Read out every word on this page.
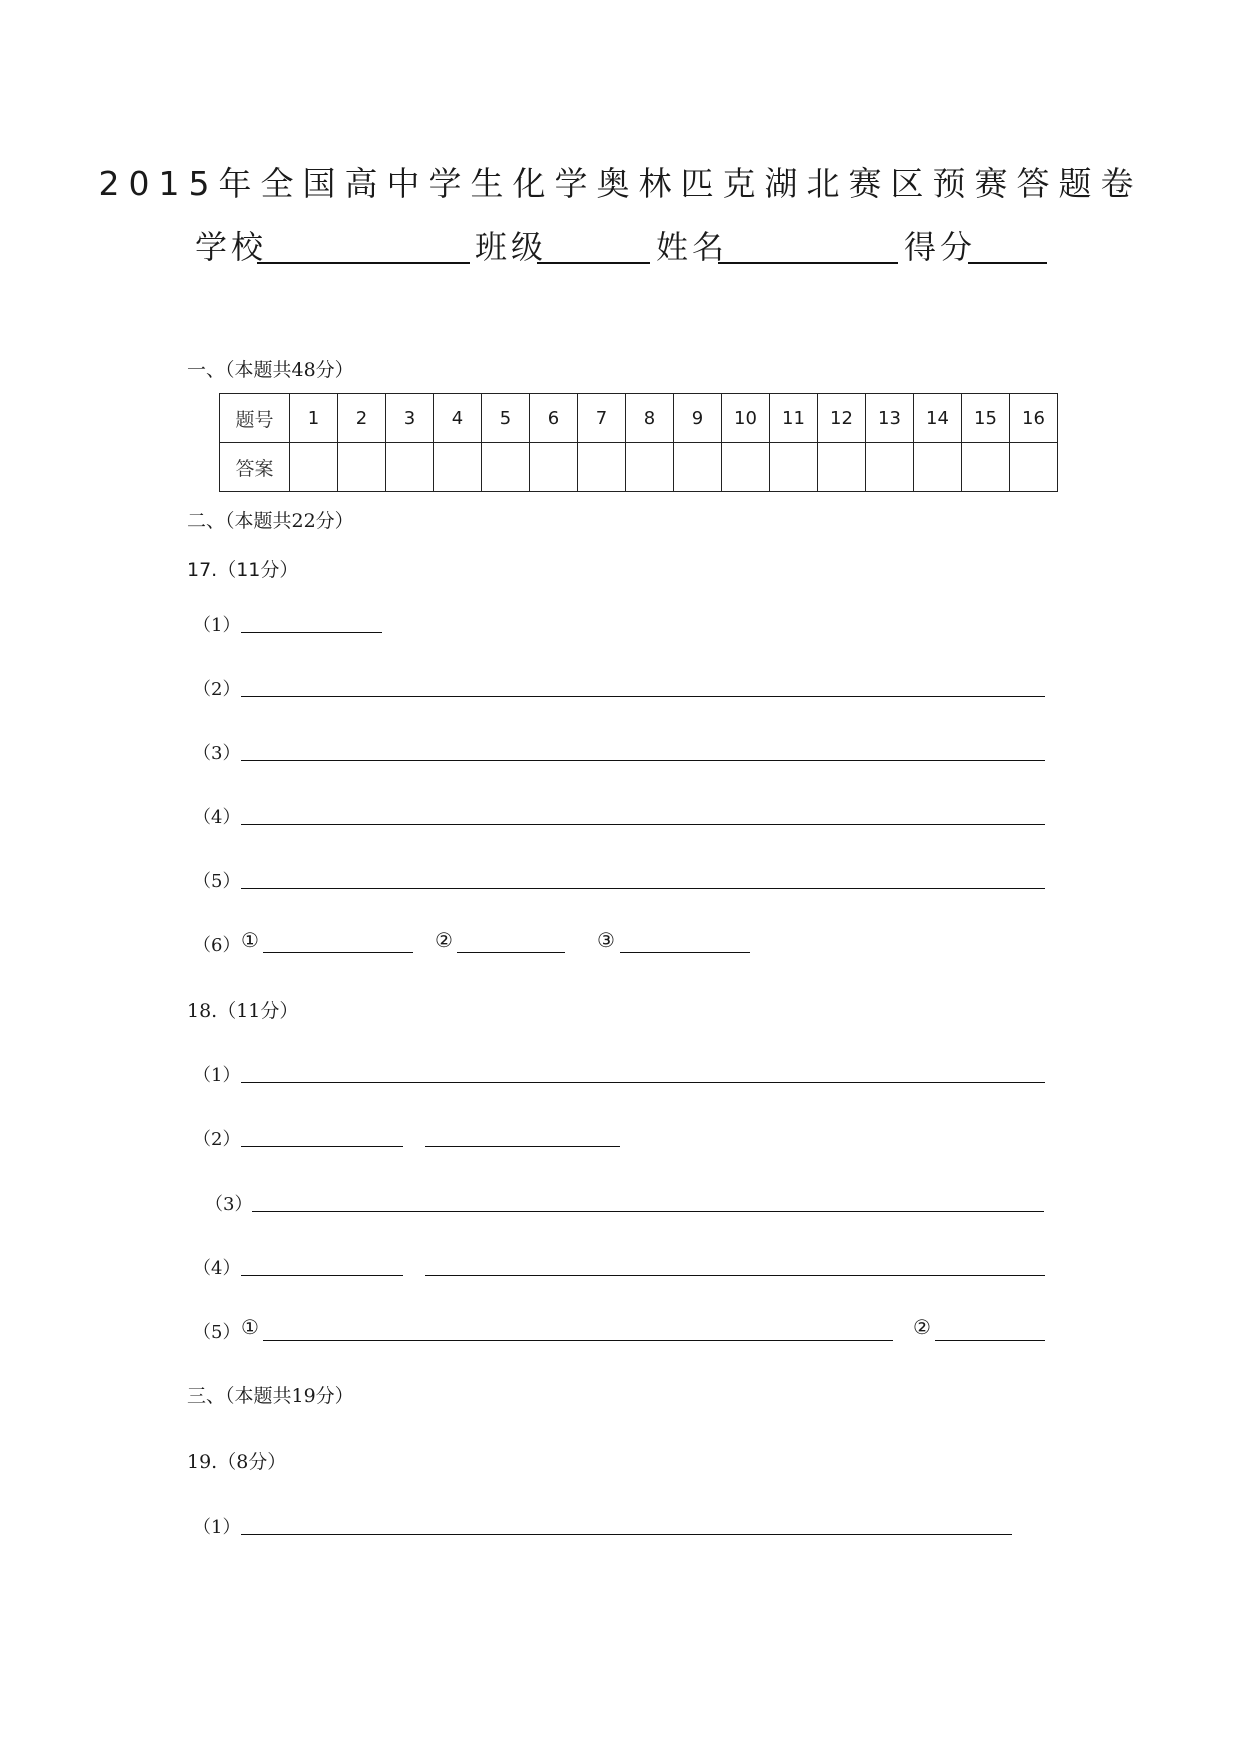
2015年全国高中学生化学奥林匹克湖北赛区预赛答题卷
学校	班级	姓名	得分
一、（本题共48分）
题号	1	2	3	4	5	6	7	8	9	10	11	12	13	14	15	16
答案																
二、（本题共22分）
17.（11分）
（1）
（2）
（3）
（4）
（5）
（6） ①	②	③
18.（11分）
（1）
（2）
（3）
（4）
（5） ①	②
三、（本题共19分）
19.（8分）
（1）
